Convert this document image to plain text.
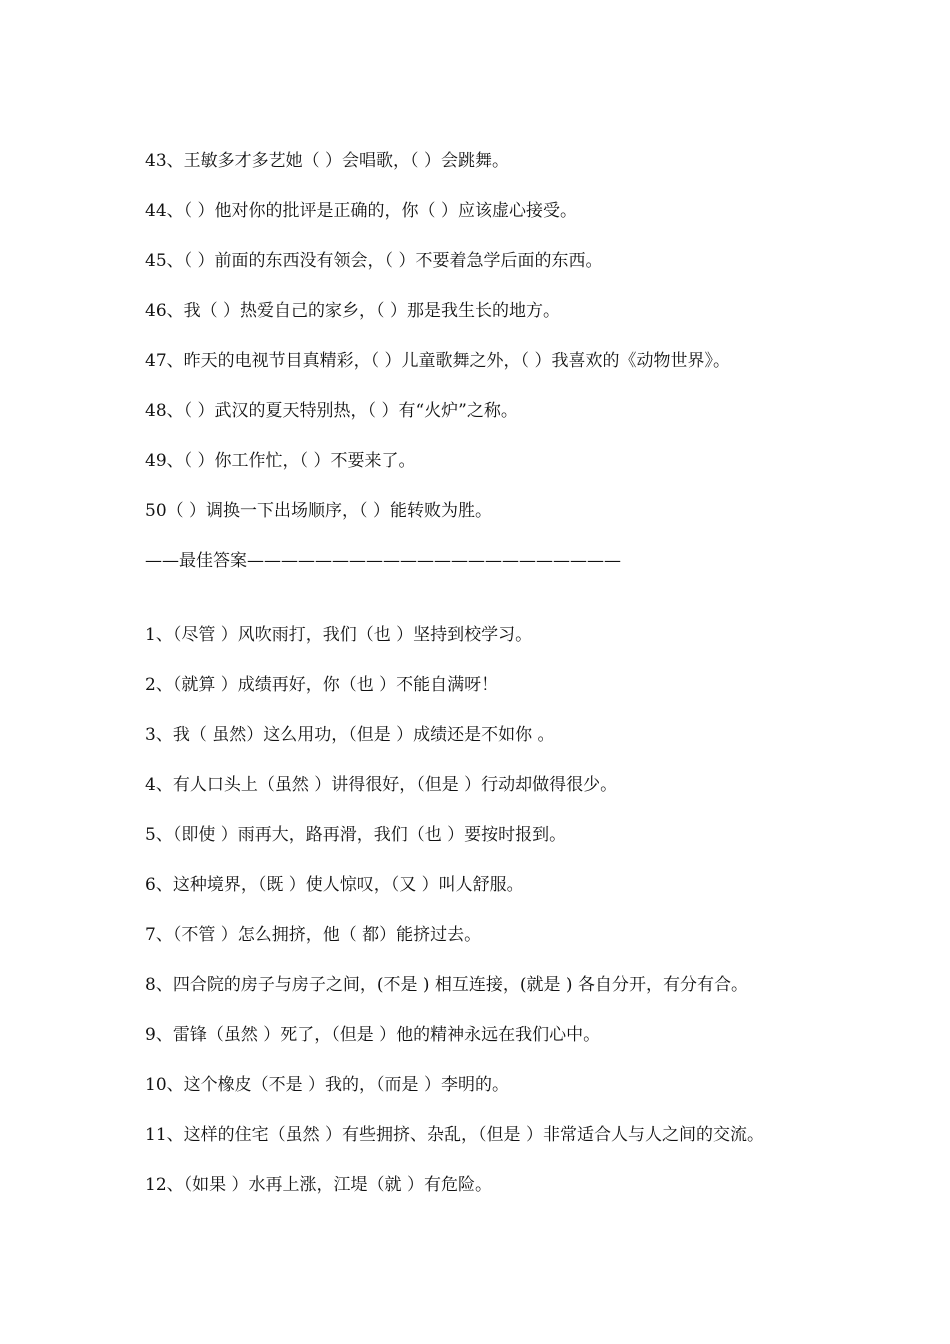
43、王敏多才多艺她（ ）会唱歌，（ ）会跳舞。
44、（ ）他对你的批评是正确的，你（ ）应该虚心接受。
45、（ ）前面的东西没有领会，（ ）不要着急学后面的东西。
46、我（ ）热爱自己的家乡，（ ）那是我生长的地方。
47、昨天的电视节目真精彩，（ ）儿童歌舞之外，（ ）我喜欢的《动物世界》。
48、（ ）武汉的夏天特别热，（ ）有“火炉”之称。
49、（ ）你工作忙，（ ）不要来了。
50（ ）调换一下出场顺序，（ ）能转败为胜。
——最佳答案——————————————————————
1、（尽管 ）风吹雨打，我们（也 ）坚持到校学习。
2、（就算 ）成绩再好，你（也 ）不能自满呀！
3、我（ 虽然）这么用功，（但是 ）成绩还是不如你 。
4、有人口头上（虽然 ）讲得很好，（但是 ）行动却做得很少。
5、（即使 ）雨再大，路再滑，我们（也 ）要按时报到。
6、这种境界，（既 ）使人惊叹，（又 ）叫人舒服。
7、（不管 ）怎么拥挤，他（ 都）能挤过去。
8、四合院的房子与房子之间，(不是 ) 相互连接，(就是 ) 各自分开，有分有合。
9、雷锋（虽然 ）死了，（但是 ）他的精神永远在我们心中。
10、这个橡皮（不是 ）我的，（而是 ）李明的。
11、这样的住宅（虽然 ）有些拥挤、杂乱，（但是 ）非常适合人与人之间的交流。
12、（如果 ）水再上涨，江堤（就 ）有危险。
